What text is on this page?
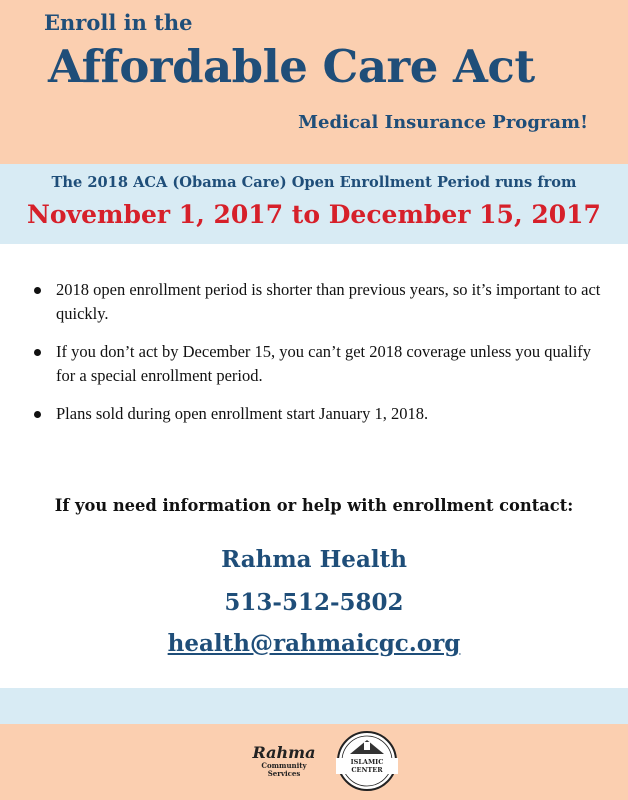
Enroll in the
Affordable Care Act
Medical Insurance Program!
The 2018 ACA (Obama Care) Open Enrollment Period runs from
November 1, 2017 to December 15, 2017
2018 open enrollment period is shorter than previous years, so it’s important to act quickly.
If you don’t act by December 15, you can’t get 2018 coverage unless you qualify for a special enrollment period.
Plans sold during open enrollment start January 1, 2018.
If you need information or help with enrollment contact:
Rahma Health
513-512-5802
health@rahmaicgc.org
Rahma
Community
Services
ISLAMIC CENTER
